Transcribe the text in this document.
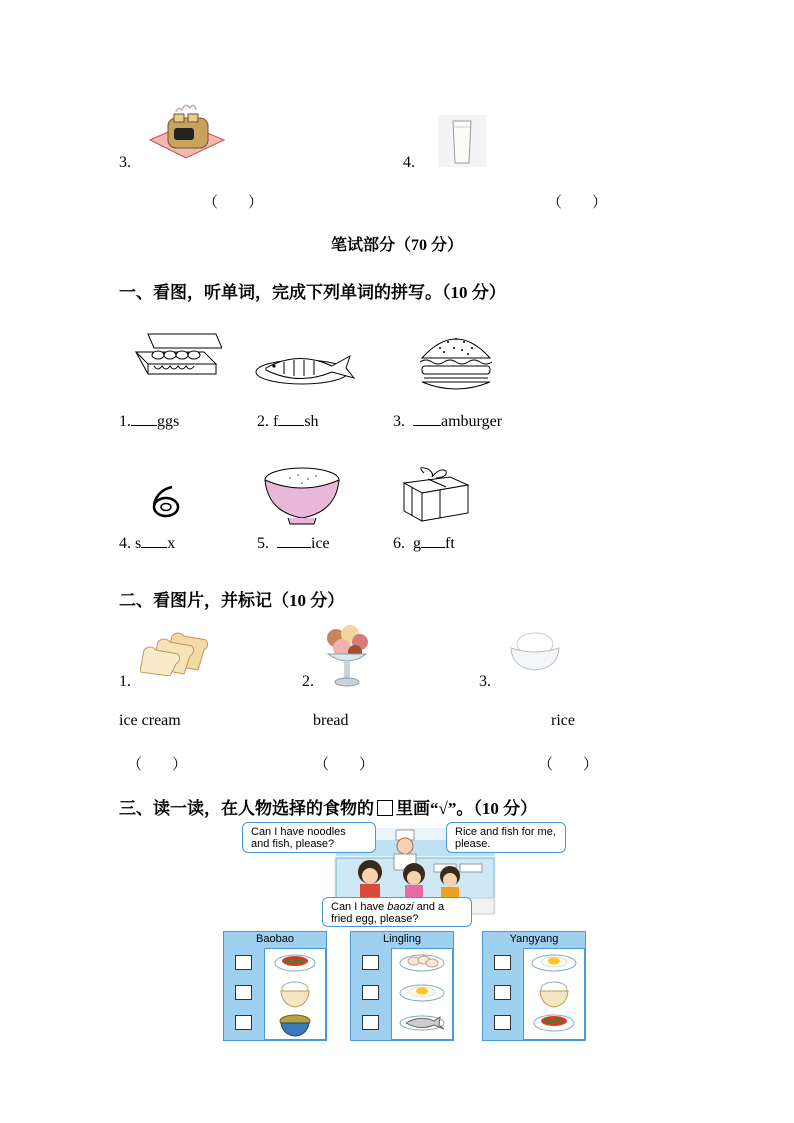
3.
（　　）
4.
（　　）
笔试部分（70 分）
一、看图，听单词，完成下列单词的拼写。（10 分）
1. ggs	2. f sh	3. amburger
4. s x	5.	ice	6. g ft
二、看图片，并标记（10 分）
1.	2.	3.
ice cream	bread	rice
（　　）	（　　）	（　　）
三、读一读，在人物选择的食物的 里画“√”。（10 分）
Can I have noodles and fish, please?
Rice and fish for me, please.
Can I have baozi and a fried egg, please?
Baobao	Lingling	Yangyang
